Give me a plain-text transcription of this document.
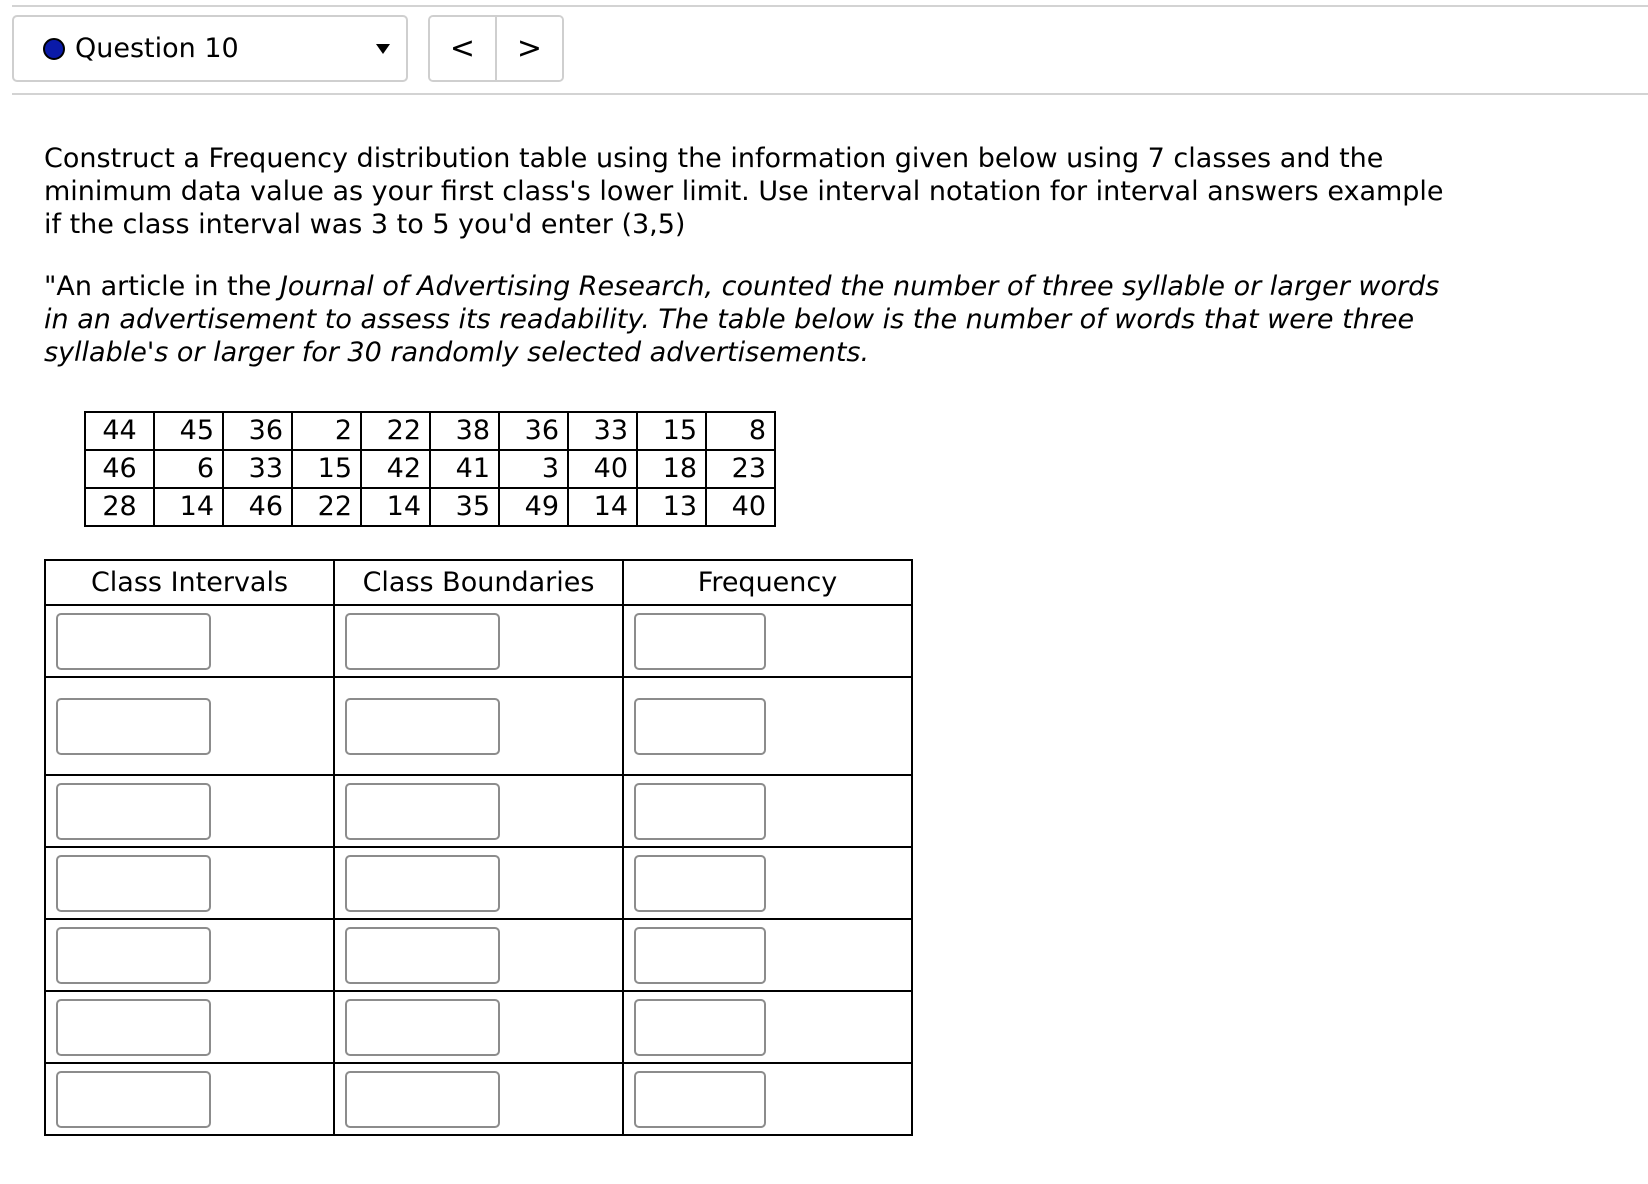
Question 10	<	>
Construct a Frequency distribution table using the information given below using 7 classes and the minimum data value as your first class's lower limit. Use interval notation for interval answers example if the class interval was 3 to 5 you'd enter (3,5)
"An article in the Journal of Advertising Research, counted the number of three syllable or larger words in an advertisement to assess its readability. The table below is the number of words that were three syllable's or larger for 30 randomly selected advertisements.
44	45	36	2	22	38	36	33	15	8
46	6	33	15	42	41	3	40	18	23
28	14	46	22	14	35	49	14	13	40
Class Intervals	Class Boundaries	Frequency
